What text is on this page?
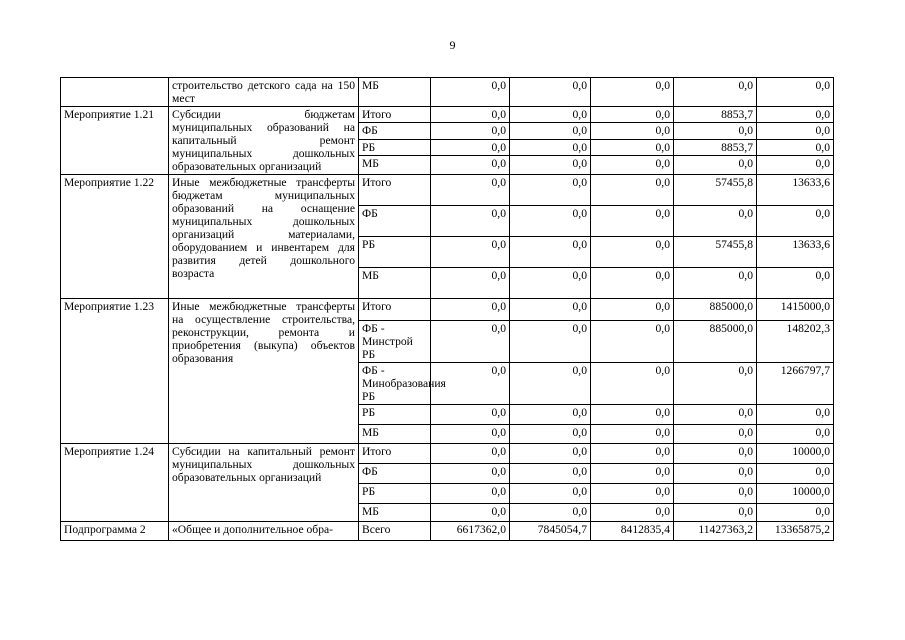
9
	строительство детского сада на 150 мест	МБ	0,0	0,0	0,0	0,0	0,0
Мероприятие 1.21	Субсидии бюджетам муниципальных образований на капитальный ремонт муниципальных дошкольных образовательных организаций	Итого	0,0	0,0	0,0	8853,7	0,0
		ФБ	0,0	0,0	0,0	0,0	0,0
		РБ	0,0	0,0	0,0	8853,7	0,0
		МБ	0,0	0,0	0,0	0,0	0,0
Мероприятие 1.22	Иные межбюджетные трансферты бюджетам муниципальных образований на оснащение муниципальных дошкольных организаций материалами, оборудованием и инвентарем для развития детей дошкольного возраста	Итого	0,0	0,0	0,0	57455,8	13633,6
		ФБ	0,0	0,0	0,0	0,0	0,0
		РБ	0,0	0,0	0,0	57455,8	13633,6
		МБ	0,0	0,0	0,0	0,0	0,0
Мероприятие 1.23	Иные межбюджетные трансферты на осуществление строительства, реконструкции, ремонта и приобретения (выкупа) объектов образования	Итого	0,0	0,0	0,0	885000,0	1415000,0
		ФБ - Минстрой РБ	0,0	0,0	0,0	885000,0	148202,3
		ФБ - Минобразования РБ	0,0	0,0	0,0	0,0	1266797,7
		РБ	0,0	0,0	0,0	0,0	0,0
		МБ	0,0	0,0	0,0	0,0	0,0
Мероприятие 1.24	Субсидии на капитальный ремонт муниципальных дошкольных образовательных организаций	Итого	0,0	0,0	0,0	0,0	10000,0
		ФБ	0,0	0,0	0,0	0,0	0,0
		РБ	0,0	0,0	0,0	0,0	10000,0
		МБ	0,0	0,0	0,0	0,0	0,0
Подпрограмма 2	«Общее и дополнительное обра-	Всего	6617362,0	7845054,7	8412835,4	11427363,2	13365875,2
